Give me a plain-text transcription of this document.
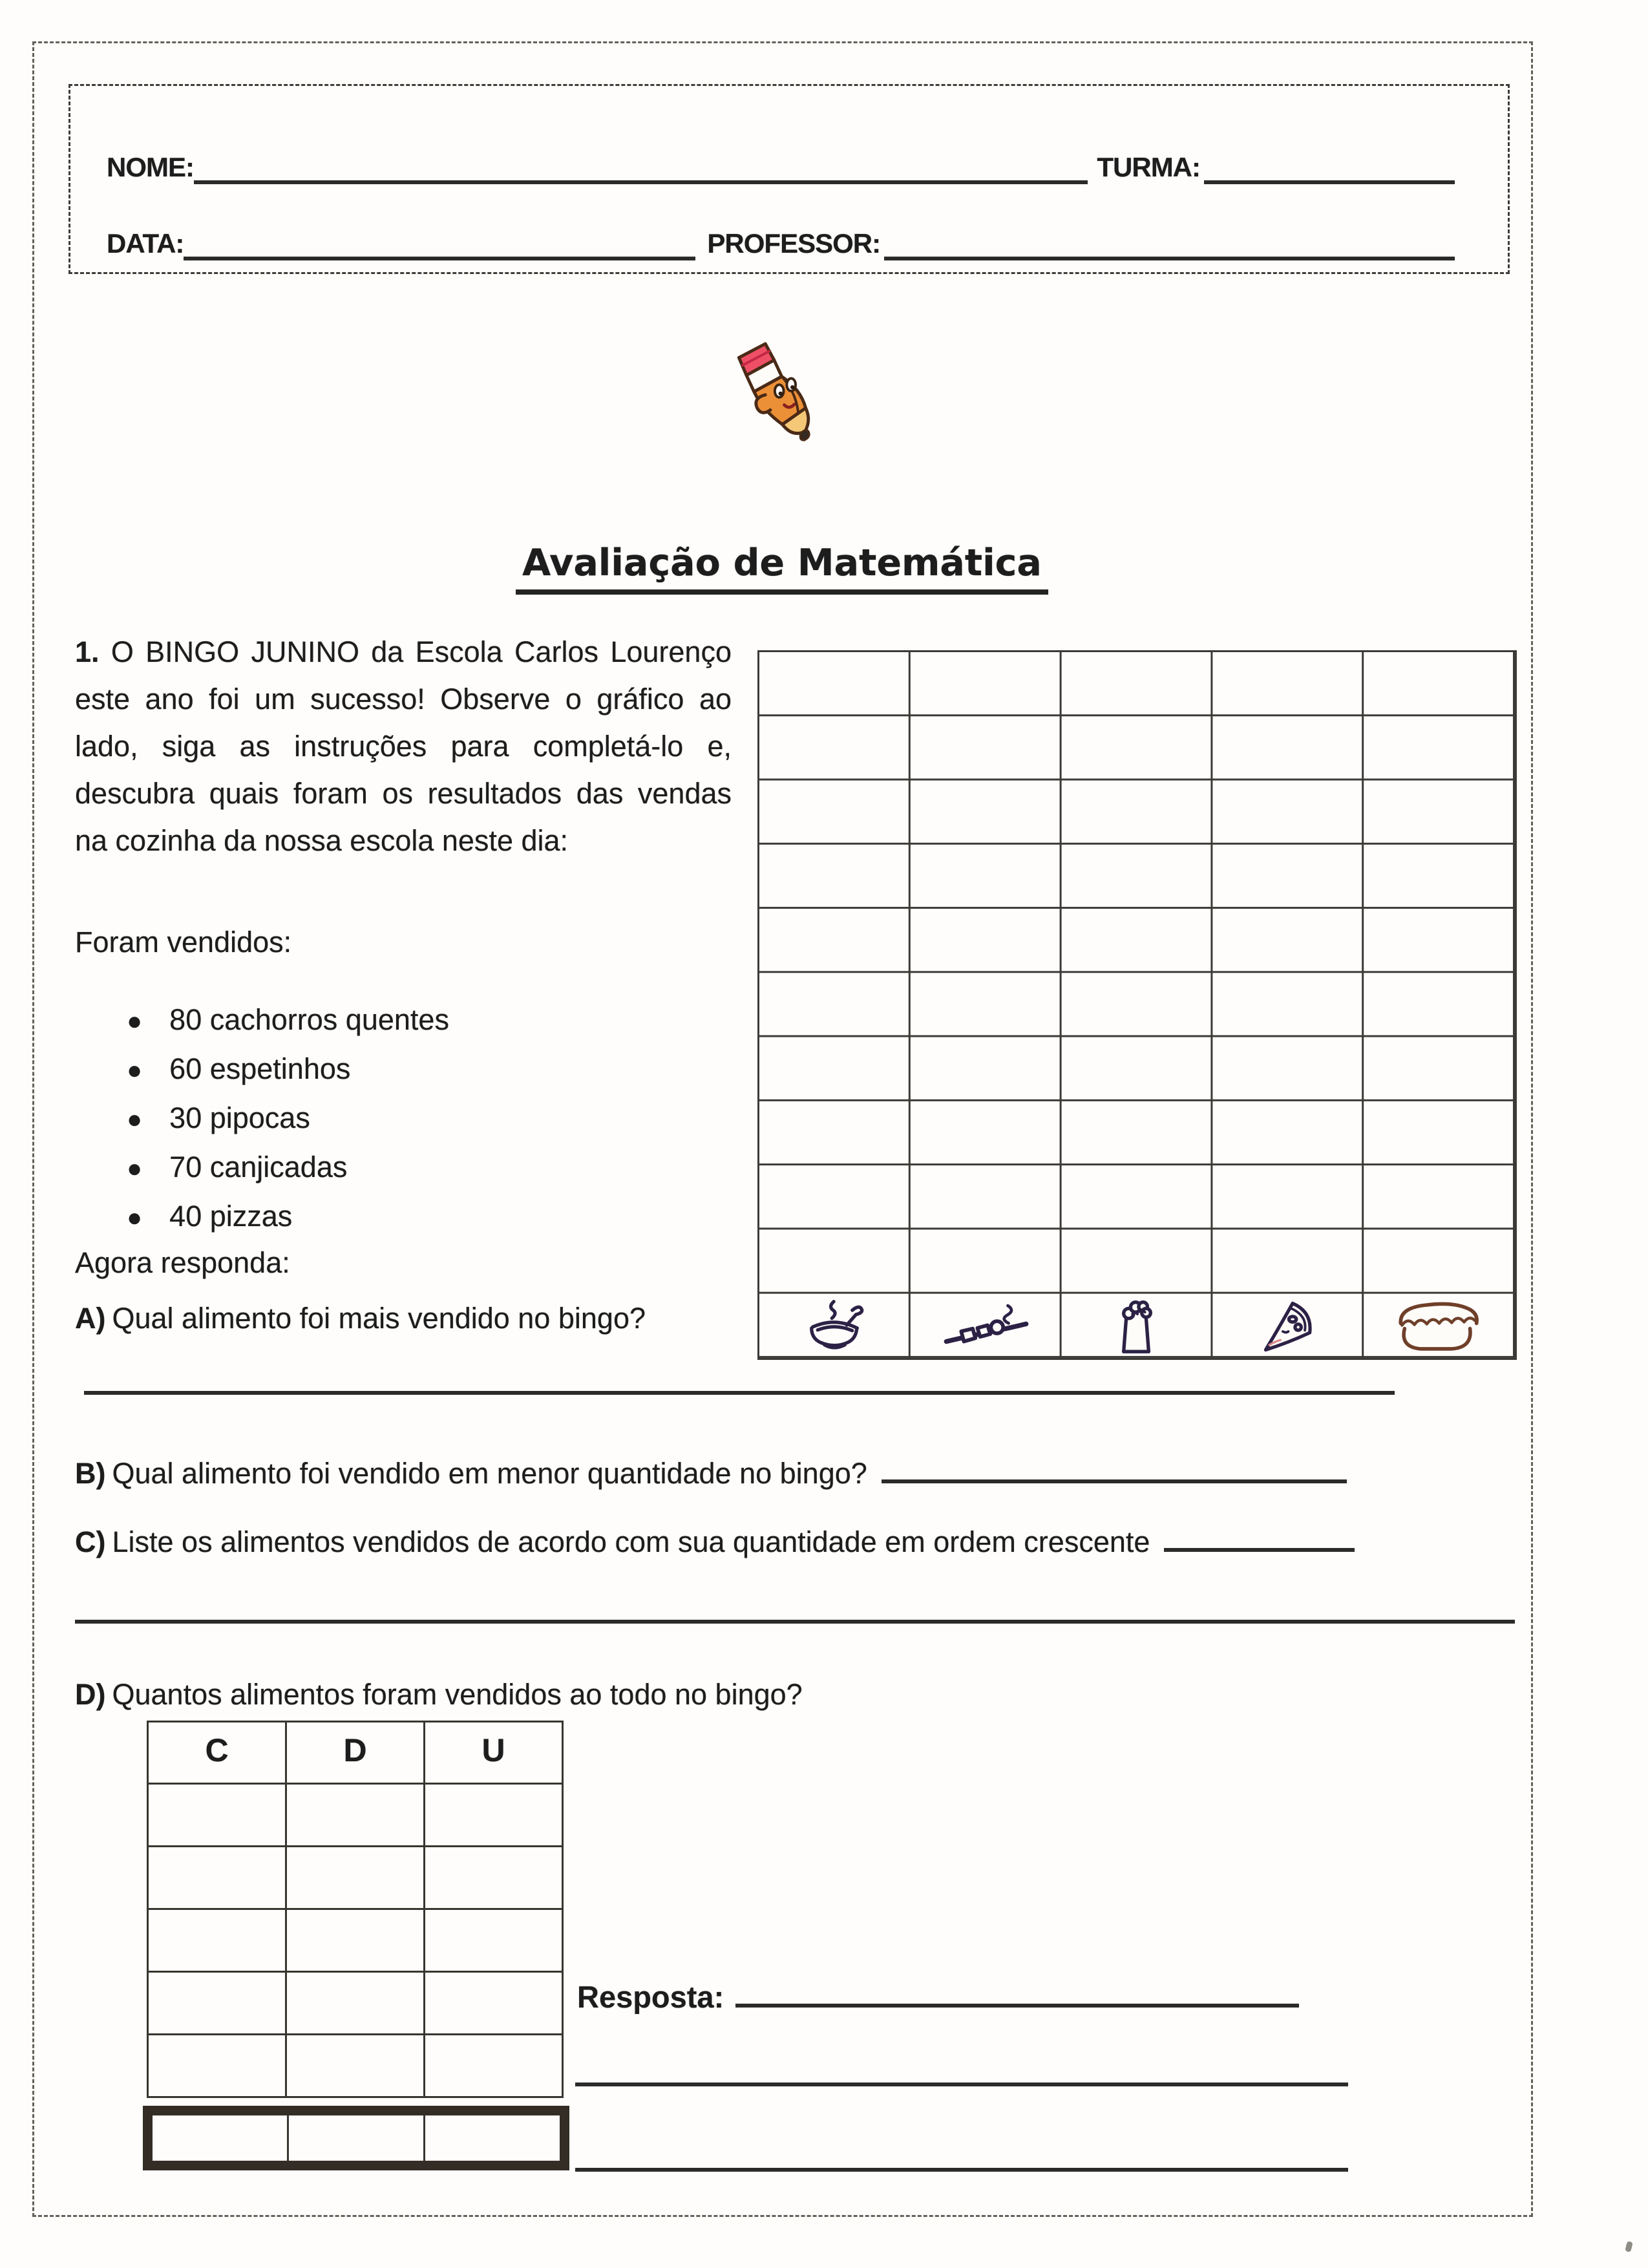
NOME:	TURMA:
DATA:	PROFESSOR:
Avaliação de Matemática
1. O BINGO JUNINO da Escola Carlos Lourenço este ano foi um sucesso! Observe o gráfico ao lado, siga as instruções para completá-lo e, descubra quais foram os resultados das vendas na cozinha da nossa escola neste dia:
Foram vendidos:
● 80 cachorros quentes
● 60 espetinhos
● 30 pipocas
● 70 canjicadas
● 40 pizzas
Agora responda:
A) Qual alimento foi mais vendido no bingo?
B) Qual alimento foi vendido em menor quantidade no bingo?
C) Liste os alimentos vendidos de acordo com sua quantidade em ordem crescente
D) Quantos alimentos foram vendidos ao todo no bingo?
C	D	U

Resposta:
